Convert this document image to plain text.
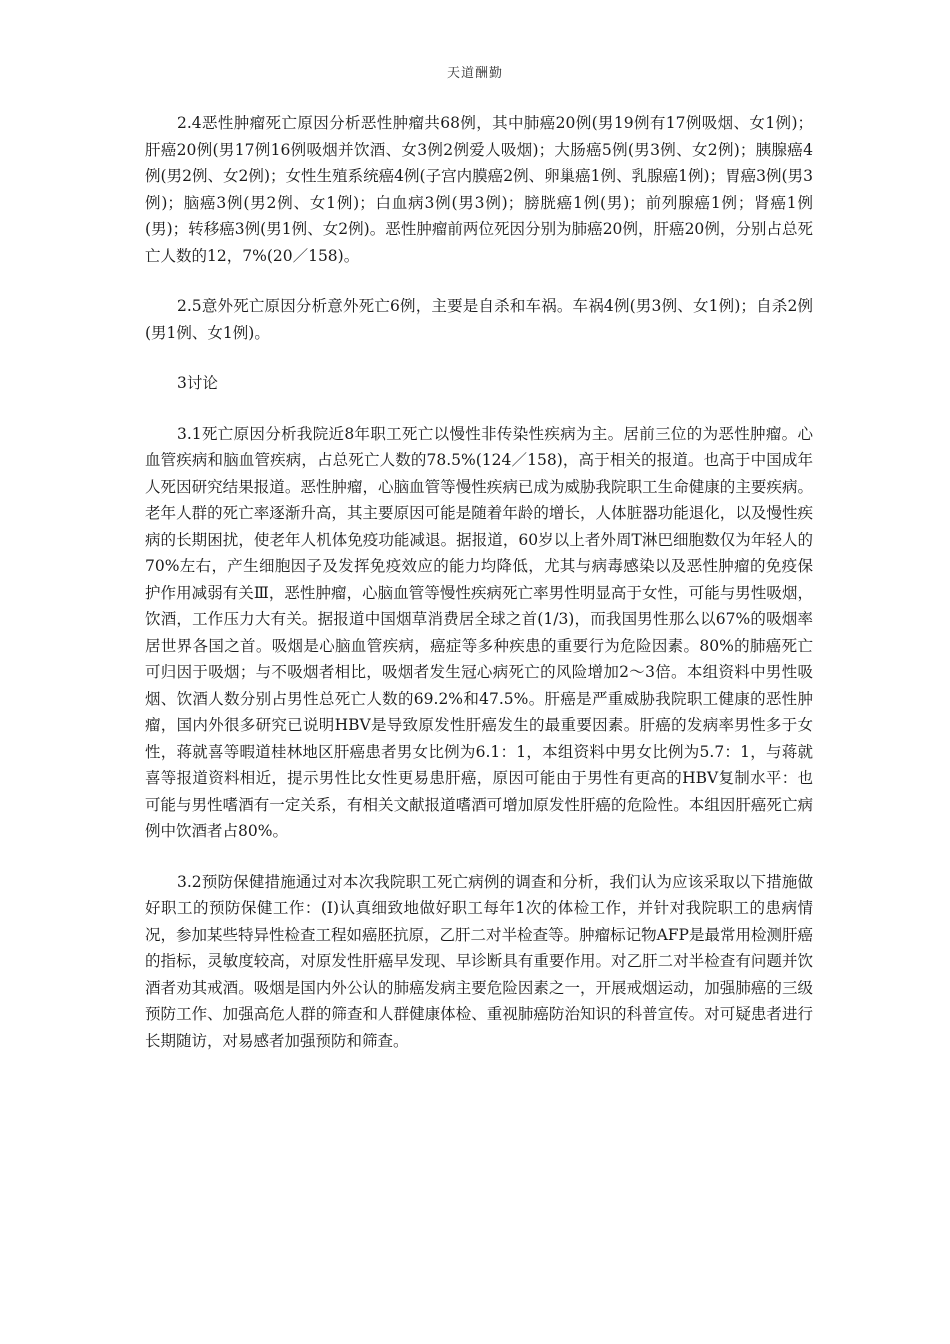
天道酬勤

2.4恶性肿瘤死亡原因分析恶性肿瘤共68例，其中肺癌20例(男19例有17例吸烟、女1例)；肝癌20例(男17例16例吸烟并饮酒、女3例2例爱人吸烟)；大肠癌5例(男3例、女2例)；胰腺癌4例(男2例、女2例)；女性生殖系统癌4例(子宫内膜癌2例、卵巢癌1例、乳腺癌1例)；胃癌3例(男3例)；脑癌3例(男2例、女1例)；白血病3例(男3例)；膀胱癌1例(男)；前列腺癌1例；肾癌1例(男)；转移癌3例(男1例、女2例)。恶性肿瘤前两位死因分别为肺癌20例，肝癌20例，分别占总死亡人数的12，7%(20／158)。

2.5意外死亡原因分析意外死亡6例，主要是自杀和车祸。车祸4例(男3例、女1例)；自杀2例(男1例、女1例)。

3讨论

3.1死亡原因分析我院近8年职工死亡以慢性非传染性疾病为主。居前三位的为恶性肿瘤。心血管疾病和脑血管疾病，占总死亡人数的78.5%(124／158)，高于相关的报道。也高于中国成年人死因研究结果报道。恶性肿瘤，心脑血管等慢性疾病已成为威胁我院职工生命健康的主要疾病。老年人群的死亡率逐渐升高，其主要原因可能是随着年龄的增长，人体脏器功能退化，以及慢性疾病的长期困扰，使老年人机体免疫功能减退。据报道，60岁以上者外周T淋巴细胞数仅为年轻人的70%左右，产生细胞因子及发挥免疫效应的能力均降低，尤其与病毒感染以及恶性肿瘤的免疫保护作用减弱有关Ⅲ，恶性肿瘤，心脑血管等慢性疾病死亡率男性明显高于女性，可能与男性吸烟，饮酒，工作压力大有关。据报道中国烟草消费居全球之首(1/3)，而我国男性那么以67%的吸烟率居世界各国之首。吸烟是心脑血管疾病，癌症等多种疾患的重要行为危险因素。80%的肺癌死亡可归因于吸烟；与不吸烟者相比，吸烟者发生冠心病死亡的风险增加2～3倍。本组资料中男性吸烟、饮酒人数分别占男性总死亡人数的69.2%和47.5%。肝癌是严重威胁我院职工健康的恶性肿瘤，国内外很多研究已说明HBV是导致原发性肝癌发生的最重要因素。肝癌的发病率男性多于女性，蒋就喜等暇道桂林地区肝癌患者男女比例为6.1：1，本组资料中男女比例为5.7：1，与蒋就喜等报道资料相近，提示男性比女性更易患肝癌，原因可能由于男性有更高的HBV复制水平：也可能与男性嗜酒有一定关系，有相关文献报道嗜酒可增加原发性肝癌的危险性。本组因肝癌死亡病例中饮酒者占80%。

3.2预防保健措施通过对本次我院职工死亡病例的调查和分析，我们认为应该采取以下措施做好职工的预防保健工作：(I)认真细致地做好职工每年1次的体检工作，并针对我院职工的患病情况，参加某些特异性检查工程如癌胚抗原，乙肝二对半检查等。肿瘤标记物AFP是最常用检测肝癌的指标，灵敏度较高，对原发性肝癌早发现、早诊断具有重要作用。对乙肝二对半检查有问题并饮酒者劝其戒酒。吸烟是国内外公认的肺癌发病主要危险因素之一，开展戒烟运动，加强肺癌的三级预防工作、加强高危人群的筛查和人群健康体检、重视肺癌防治知识的科普宣传。对可疑患者进行长期随访，对易感者加强预防和筛查。
